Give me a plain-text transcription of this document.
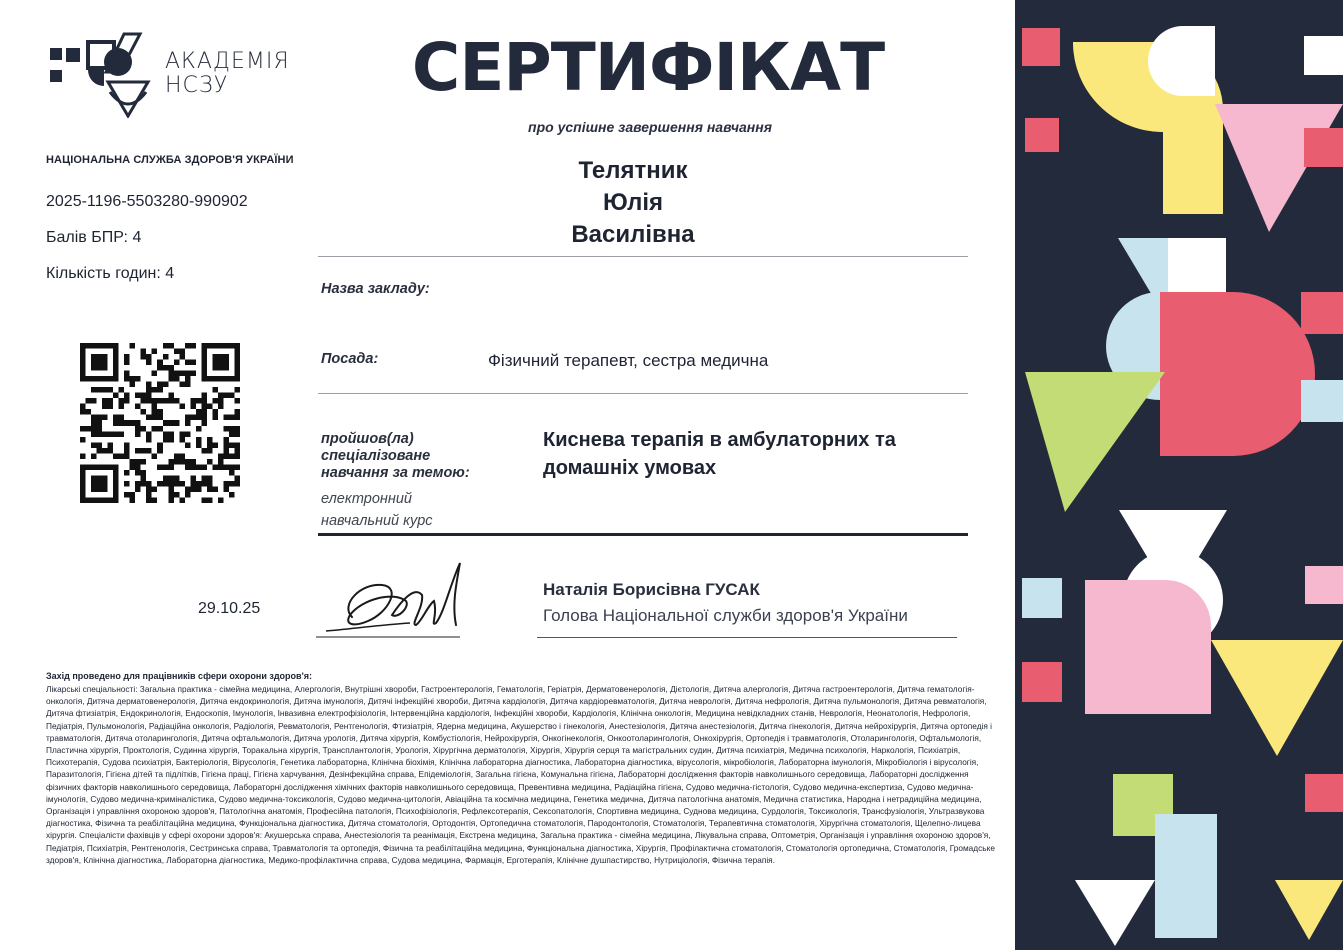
АКАДЕМІЯ
НСЗУ
НАЦІОНАЛЬНА СЛУЖБА ЗДОРОВ'Я УКРАЇНИ
2025-1196-5503280-990902
Балів БПР: 4
Кількість годин: 4
СЕРТИФІКАТ
про успішне завершення навчання
Телятник
Юлія
Василівна
Назва закладу:
Посада:	Фізичний терапевт, сестра медична
пройшов(ла)
спеціалізоване
навчання за темою:
електронний
навчальний курс
Киснева терапія в амбулаторних та
домашніх умовах
29.10.25
Наталія Борисівна ГУСАК
Голова Національної служби здоров'я України
Захід проведено для працівників сфери охорони здоров'я:
Лікарські спеціальності: Загальна практика - сімейна медицина, Алергологія, Внутрішні хвороби, Гастроентерологія, Гематологія, Геріатрія, Дерматовенерологія, Дієтологія, Дитяча алергологія, Дитяча гастроентерологія, Дитяча гематологія-онкологія, Дитяча дерматовенерологія, Дитяча ендокринологія, Дитяча імунологія, Дитячі інфекційні хвороби, Дитяча кардіологія, Дитяча кардіоревматологія, Дитяча неврологія, Дитяча нефрологія, Дитяча пульмонологія, Дитяча ревматологія, Дитяча фтизіатрія, Ендокринологія, Ендоскопія, Імунологія, Інвазивна електрофізіологія, Інтервенційна кардіологія, Інфекційні хвороби, Кардіологія, Клінічна онкологія, Медицина невідкладних станів, Неврологія, Неонатологія, Нефрологія, Педіатрія, Пульмонологія, Радіаційна онкологія, Радіологія, Ревматологія, Рентгенологія, Фтизіатрія, Ядерна медицина, Акушерство і гінекологія, Анестезіологія, Дитяча анестезіологія, Дитяча гінекологія, Дитяча нейрохірургія, Дитяча ортопедія і травматологія, Дитяча отоларингологія, Дитяча офтальмологія, Дитяча урологія, Дитяча хірургія, Комбустіологія, Нейрохірургія, Онкогінекологія, Онкоотоларингологія, Онкохірургія, Ортопедія і травматологія, Отоларингологія, Офтальмологія, Пластична хірургія, Проктологія, Судинна хірургія, Торакальна хірургія, Трансплантологія, Урологія, Хірургічна дерматологія, Хірургія, Хірургія серця та магістральних судин, Дитяча психіатрія, Медична психологія, Наркологія, Психіатрія, Психотерапія, Судова психіатрія, Бактеріологія, Вірусологія, Генетика лабораторна, Клінічна біохімія, Клінічна лабораторна діагностика, Лабораторна діагностика, вірусологія, мікробіологія, Лабораторна імунологія, Мікробіологія і вірусологія, Паразитологія, Гігієна дітей та підлітків, Гігієна праці, Гігієна харчування, Дезінфекційна справа, Епідеміологія, Загальна гігієна, Комунальна гігієна, Лабораторні дослідження факторів навколишнього середовища, Лабораторні дослідження фізичних факторів навколишнього середовища, Лабораторні дослідження хімічних факторів навколишнього середовища, Превентивна медицина, Радіаційна гігієна, Судово медична-гістологія, Судово медична-експертиза, Судово медична-імунологія, Судово медична-криміналістика, Судово медична-токсикологія, Судово медична-цитологія, Авіаційна та космічна медицина, Генетика медична, Дитяча патологічна анатомія, Медична статистика, Народна і нетрадиційна медицина, Організація і управління охороною здоров'я, Патологічна анатомія, Професійна патологія, Психофізіологія, Рефлексотерапія, Сексопатологія, Спортивна медицина, Суднова медицина, Сурдологія, Токсикологія, Трансфузіологія, Ультразвукова діагностика, Фізична та реабілітаційна медицина, Функціональна діагностика, Дитяча стоматологія, Ортодонтія, Ортопедична стоматологія, Пародонтологія, Стоматологія, Терапевтична стоматологія, Хірургічна стоматологія, Щелепно-лицева хірургія. Спеціалісти фахівців у сфері охорони здоров'я: Акушерська справа, Анестезіологія та реанімація, Екстрена медицина, Загальна практика - сімейна медицина, Лікувальна справа, Оптометрія, Організація і управління охороною здоров'я, Педіатрія, Психіатрія, Рентгенологія, Сестринська справа, Травматологія та ортопедія, Фізична та реабілітаційна медицина, Функціональна діагностика, Хірургія, Профілактична стоматологія, Стоматологія ортопедична, Стоматологія, Громадське здоров'я, Клінічна діагностика, Лабораторна діагностика, Медико-профілактична справа, Судова медицина, Фармація, Ерготерапія, Клінічне душпастирство, Нутриціологія, Фізична терапія.
